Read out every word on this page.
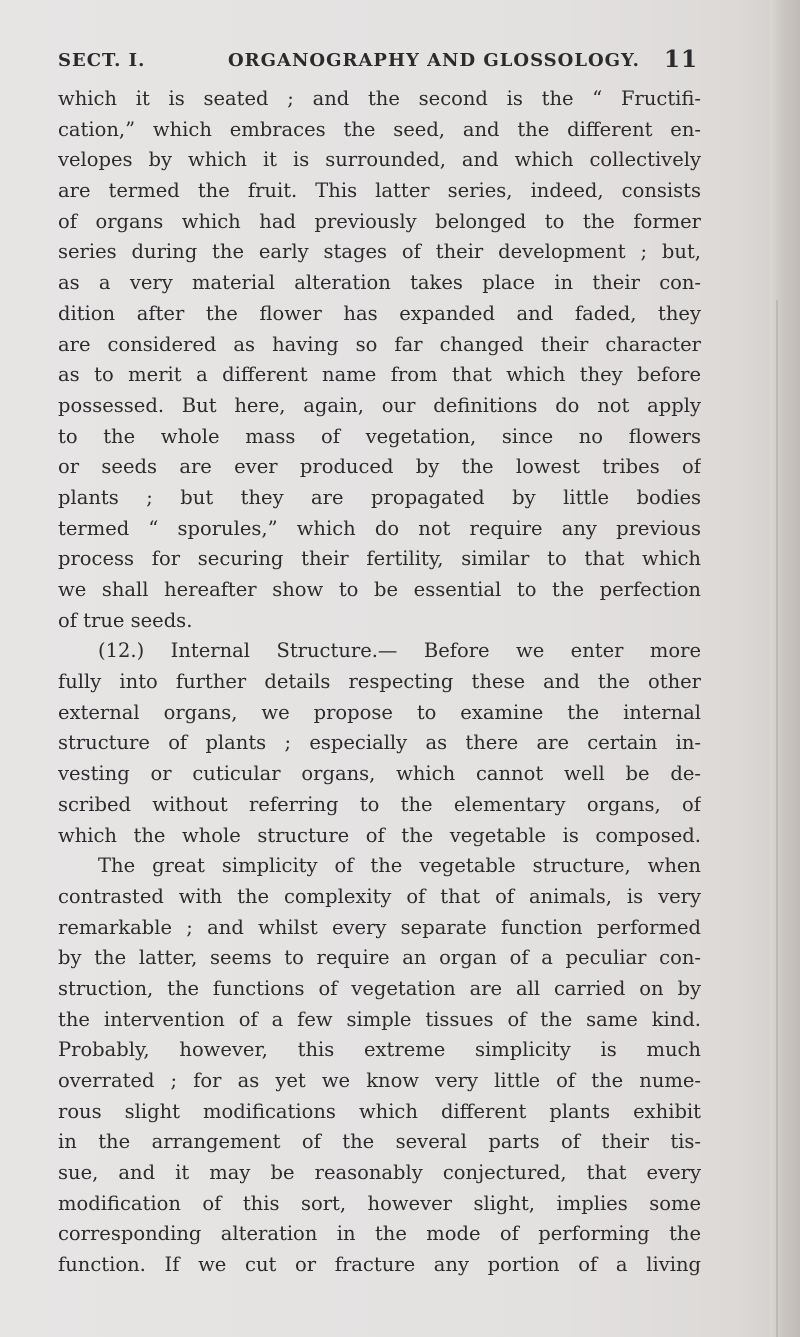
SECT. I.	ORGANOGRAPHY AND GLOSSOLOGY. 11
which it is seated ; and the second is the “ Fructifi-
cation,” which embraces the seed, and the different en-
velopes by which it is surrounded, and which collectively
are termed the fruit. This latter series, indeed, consists
of organs which had previously belonged to the former
series during the early stages of their development ; but,
as a very material alteration takes place in their con-
dition after the flower has expanded and faded, they
are considered as having so far changed their character
as to merit a different name from that which they before
possessed. But here, again, our definitions do not apply
to the whole mass of vegetation, since no flowers
or seeds are ever produced by the lowest tribes of
plants ; but they are propagated by little bodies
termed “ sporules,” which do not require any previous
process for securing their fertility, similar to that which
we shall hereafter show to be essential to the perfection
of true seeds.
(12.) Internal Structure.— Before we enter more
fully into further details respecting these and the other
external organs, we propose to examine the internal
structure of plants ; especially as there are certain in-
vesting or cuticular organs, which cannot well be de-
scribed without referring to the elementary organs, of
which the whole structure of the vegetable is composed.
The great simplicity of the vegetable structure, when
contrasted with the complexity of that of animals, is very
remarkable ; and whilst every separate function performed
by the latter, seems to require an organ of a peculiar con-
struction, the functions of vegetation are all carried on by
the intervention of a few simple tissues of the same kind.
Probably, however, this extreme simplicity is much
overrated ; for as yet we know very little of the nume-
rous slight modifications which different plants exhibit
in the arrangement of the several parts of their tis-
sue, and it may be reasonably conjectured, that every
modification of this sort, however slight, implies some
corresponding alteration in the mode of performing the
function. If we cut or fracture any portion of a living
